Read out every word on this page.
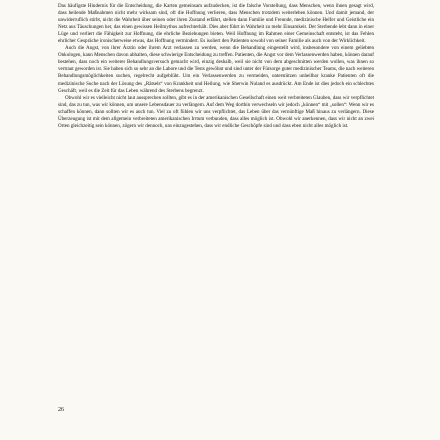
Das häufigste Hindernis für die Entscheidung, die Karten gemeinsam aufzudecken, ist die falsche Vorstellung, dass Menschen, wenn ihnen gesagt wird, dass heilende Maßnahmen nicht mehr wirksam sind, oft die Hoffnung verlieren, dass Menschen trotzdem weiterleben können. Und damit jemand, der unwiderruflich stirbt, nicht die Wahrheit über seinen oder ihren Zustand erfährt, stellen dann Familie und Freunde, medizinische Helfer und Geistliche ein Netz aus Täuschungen her, das einen gewissen Heilmythos aufrechterhält. Dies aber führt in Wahrheit zu mehr Einsamkeit. Der Sterbende lebt dann in einer Lüge und verliert die Fähigkeit zur Hoffnung, die ehrliche Beziehungen bieten. Weil Hoffnung im Rahmen einer Gemeinschaft entsteht, ist das Fehlen ehrlicher Gespräche ironischerweise etwas, das Hoffnung vermindert. Es isoliert den Patienten sowohl von seiner Familie als auch von der Wirklichkeit.

Auch die Angst, von ihrer Ärztin oder ihrem Arzt verlassen zu werden, wenn die Behandlung eingestellt wird, insbesondere von einem geliebten Onkologen, kann Menschen davon abhalten, diese schwierige Entscheidung zu treffen. Patienten, die Angst vor dem Verlassenwerden haben, können darauf bestehen, dass noch ein weiterer Behandlungsversuch gemacht wird, einzig deshalb, weil sie nicht von dem abgeschnitten werden wollen, was ihnen so vertraut geworden ist. Sie haben sich so sehr an die Labore und die Tests gewöhnt und sind unter der Fürsorge guter medizinischer Teams, die nach weiteren Behandlungsmöglichkeiten suchen, regelrecht aufgeblüht. Um ein Verlassenwerden zu vermeiden, unterstützen unheilbar kranke Patienten oft die medizinische Suche nach der Lösung des „Rätsels“ von Krankheit und Heilung, wie Sherwin Nuland es ausdrückt. Am Ende ist dies jedoch ein schlechtes Geschäft, weil es die Zeit für das Leben während des Sterbens begrenzt.

Obwohl wir es vielleicht nicht laut aussprechen sollten, gibt es in der amerikanischen Gesellschaft einen weit verbreiteten Glauben, dass wir verpflichtet sind, das zu tun, was wir können, um unsere Lebensdauer zu verlängern. Auf dem Weg dorthin verwechseln wir jedoch „können“ mit „sollen“: Wenn wir es schaffen können, dann sollten wir es auch tun. Viel zu oft fühlen wir uns verpflichtet, das Leben über das vernünftige Maß hinaus zu verlängern. Diese Überzeugung ist mit dem allgemein verbreiteten amerikanischen Irrtum verbunden, dass alles möglich ist. Obwohl wir anerkennen, dass wir nicht an zwei Orten gleichzeitig sein können, zögern wir dennoch, uns einzugestehen, dass wir endliche Geschöpfe sind und dass eben nicht alles möglich ist.

26
